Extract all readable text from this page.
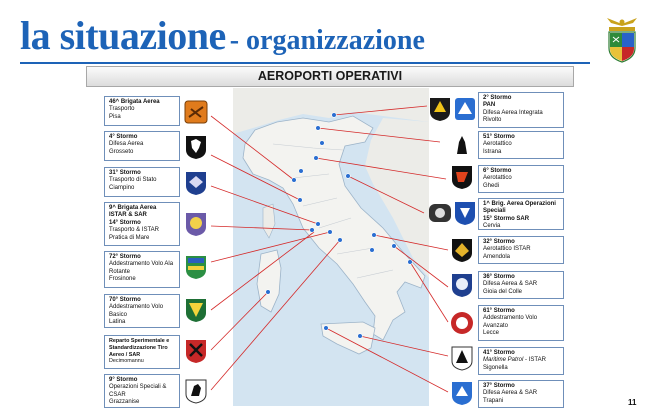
la situazione - organizzazione
AEROPORTI OPERATIVI
46^ Brigata Aerea
Trasporto
Pisa
4° Stormo
Difesa Aerea
Grosseto
31° Stormo
Trasporto di Stato
Ciampino
9^ Brigata Aerea ISTAR & SAR
14° Stormo
Trasporto & ISTAR
Pratica di Mare
72° Stormo
Addestramento Volo Ala Rotante
Frosinone
70° Stormo
Addestramento Volo Basico
Latina
Reparto Sperimentale e Standardizzazione Tiro Aereo / SAR
Decimomannu
9° Stormo
Operazioni Speciali & CSAR
Grazzanise
2° Stormo
PAN
Difesa Aerea Integrata
Rivolto
51° Stormo
Aerotattico
Istrana
6° Stormo
Aerotattico
Ghedi
1^ Brig. Aerea Operazioni Speciali
15° Stormo SAR
Cervia
32° Stormo
Aerotattico ISTAR
Amendola
36° Stormo
Difesa Aerea & SAR
Gioia del Colle
61° Stormo
Addestramento Volo Avanzato
Lecce
41° Stormo
Maritime Patrol - ISTAR
Sigonella
37° Stormo
Difesa Aerea & SAR
Trapani	11
